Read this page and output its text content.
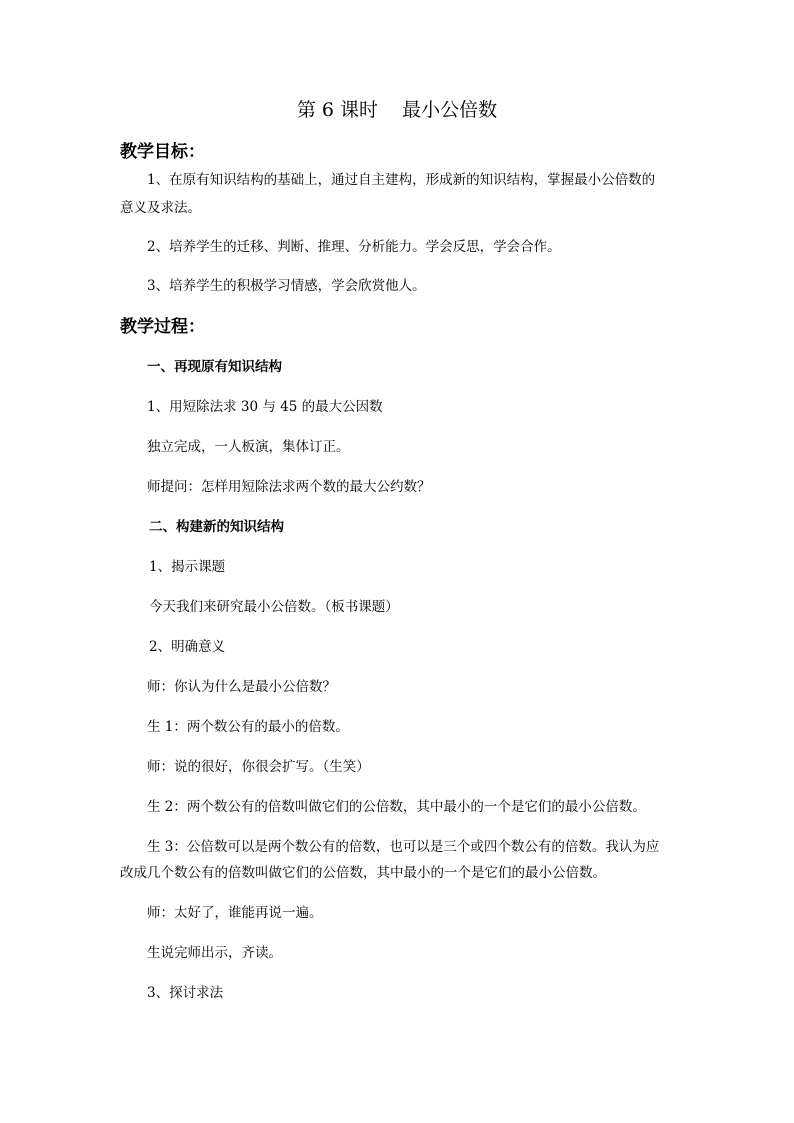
第 6 课时    最小公倍数
教学目标：
1、在原有知识结构的基础上，通过自主建构，形成新的知识结构，掌握最小公倍数的
意义及求法。
2、培养学生的迁移、判断、推理、分析能力。学会反思，学会合作。
3、培养学生的积极学习情感，学会欣赏他人。
教学过程：
一、再现原有知识结构
1、用短除法求 30 与 45 的最大公因数
独立完成，一人板演，集体订正。
师提问：怎样用短除法求两个数的最大公约数？
二、构建新的知识结构
1、揭示课题
今天我们来研究最小公倍数。（板书课题）
2、明确意义
师：你认为什么是最小公倍数？
生 1：两个数公有的最小的倍数。
师：说的很好，你很会扩写。（生笑）
生 2：两个数公有的倍数叫做它们的公倍数，其中最小的一个是它们的最小公倍数。
生 3：公倍数可以是两个数公有的倍数，也可以是三个或四个数公有的倍数。我认为应
改成几个数公有的倍数叫做它们的公倍数，其中最小的一个是它们的最小公倍数。
师：太好了，谁能再说一遍。
生说完师出示，齐读。
3、探讨求法
